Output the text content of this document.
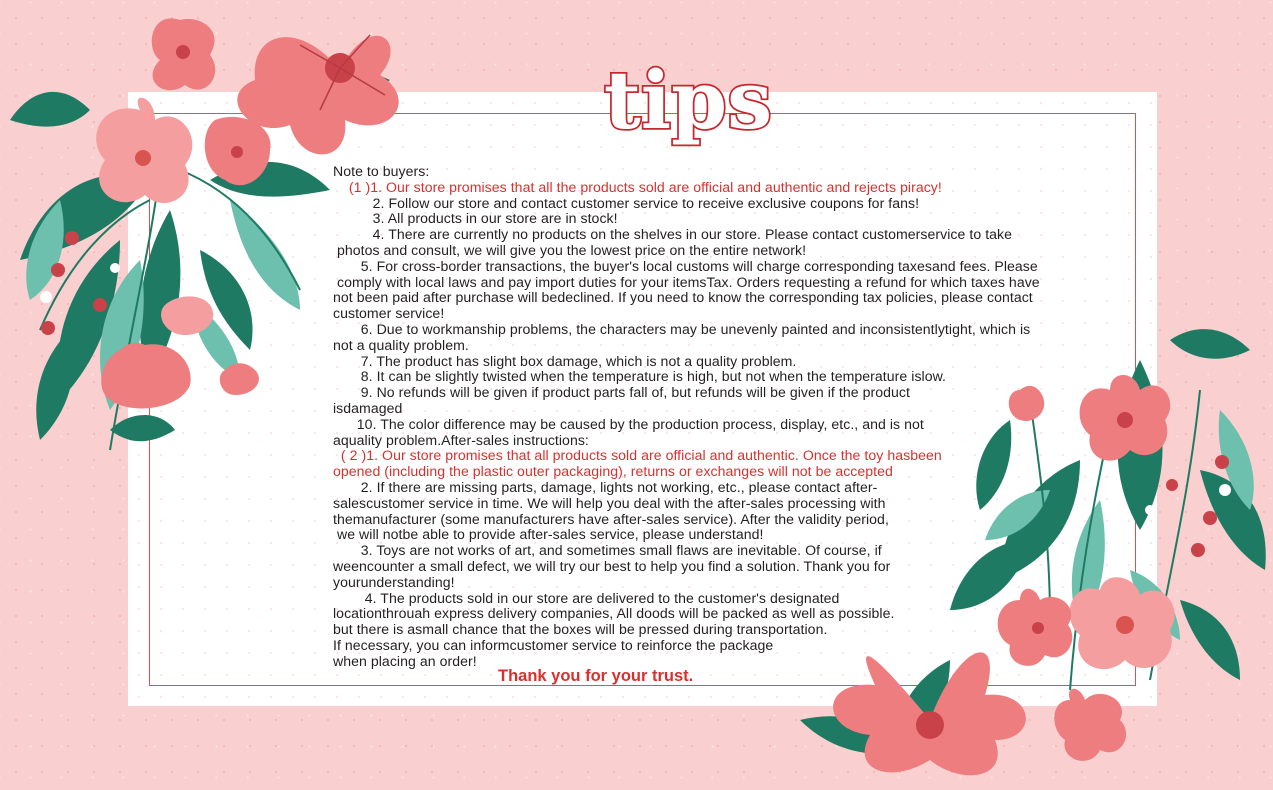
tips
Note to buyers:
(1 )1. Our store promises that all the products sold are official and authentic and rejects piracy!
2. Follow our store and contact customer service to receive exclusive coupons for fans!
3. All products in our store are in stock!
4. There are currently no products on the shelves in our store. Please contact customerservice to take
photos and consult, we will give you the lowest price on the entire network!
5. For cross-border transactions, the buyer's local customs will charge corresponding taxesand fees. Please
comply with local laws and pay import duties for your itemsTax. Orders requesting a refund for which taxes have
not been paid after purchase will bedeclined. If you need to know the corresponding tax policies, please contact
customer service!
6. Due to workmanship problems, the characters may be unevenly painted and inconsistentlytight, which is
not a quality problem.
7. The product has slight box damage, which is not a quality problem.
8. It can be slightly twisted when the temperature is high, but not when the temperature islow.
9. No refunds will be given if product parts fall of, but refunds will be given if the product
isdamaged
10. The color difference may be caused by the production process, display, etc., and is not
aquality problem.After-sales instructions:
( 2 )1. Our store promises that all products sold are official and authentic. Once the toy hasbeen
opened (including the plastic outer packaging), returns or exchanges will not be accepted
2. If there are missing parts, damage, lights not working, etc., please contact after-
salescustomer service in time. We will help you deal with the after-sales processing with
themanufacturer (some manufacturers have after-sales service). After the validity period,
we will notbe able to provide after-sales service, please understand!
3. Toys are not works of art, and sometimes small flaws are inevitable. Of course, if
weencounter a small defect, we will try our best to help you find a solution. Thank you for
yourunderstanding!
4. The products sold in our store are delivered to the customer's designated
locationthrouah express delivery companies, All doods will be packed as well as possible.
but there is asmall chance that the boxes will be pressed during transportation.
If necessary, you can informcustomer service to reinforce the package
when placing an order!
Thank you for your trust.
